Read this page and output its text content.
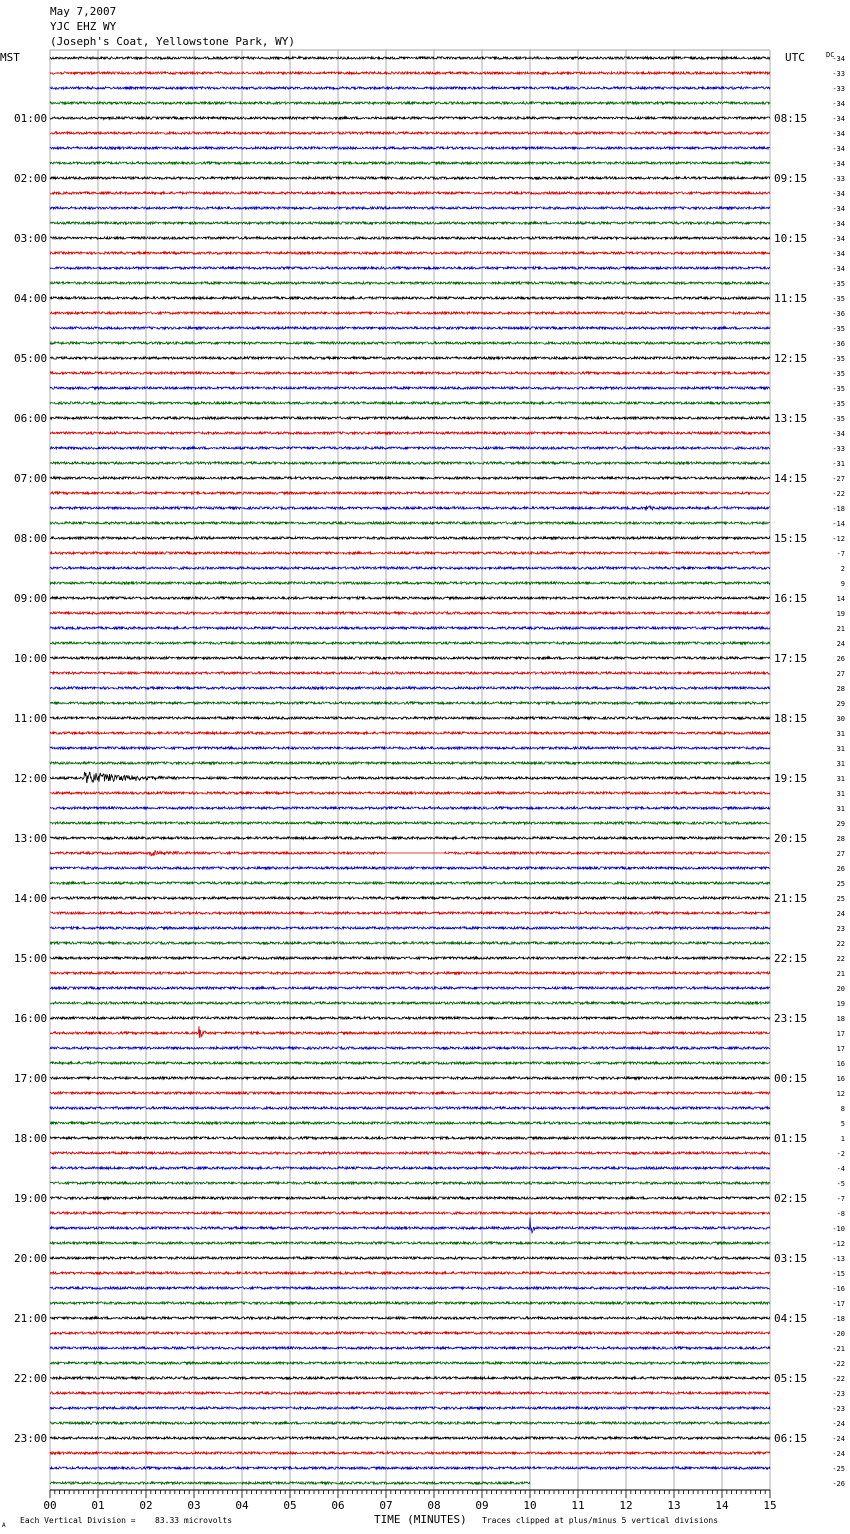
May 7,2007
YJC EHZ WY
(Joseph's Coat, Yellowstone Park, WY)
MST	UTC	DC
01:00	08:15
02:00	09:15
03:00	10:15
04:00	11:15
05:00	12:15
06:00	13:15
07:00	14:15
08:00	15:15
09:00	16:15
10:00	17:15
11:00	18:15
12:00	19:15
13:00	20:15
14:00	21:15
15:00	22:15
16:00	23:15
17:00	00:15
18:00	01:15
19:00	02:15
20:00	03:15
21:00	04:15
22:00	05:15
23:00	06:15
-34
-33
-33
-34
-34
-34
-34
-34
-33
-34
-34
-34
-34
-34
-34
-35
-35
-36
-35
-36
-35
-35
-35
-35
-35
-34
-33
-31
-27
-22
-18
-14
-12
-7
2
9
14
19
21
24
26
27
28
29
30
31
31
31
31
31
31
29
28
27
26
25
25
24
23
22
22
21
20
19
18
17
17
16
16
12
8
5
1
-2
-4
-5
-7
-8
-10
-12
-13
-15
-16
-17
-18
-20
-21
-22
-22
-23
-23
-24
-24
-24
-25
-26
00	01	02	03	04	05	06	07	08	09	10	11	12	13	14	15
A
Each Vertical Division = 83.33 microvolts	TIME (MINUTES) Traces clipped at plus/minus 5 vertical divisions
